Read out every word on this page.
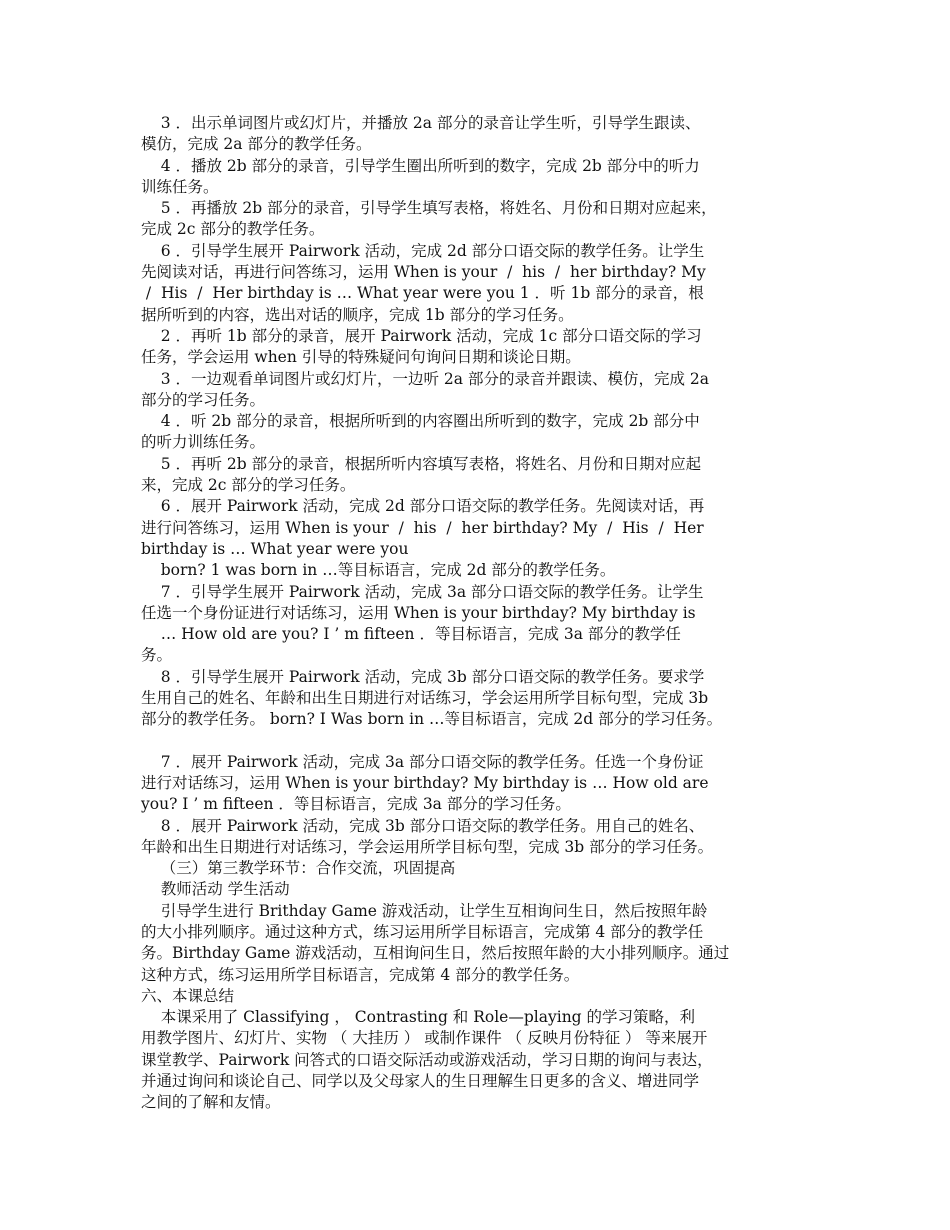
3 ．出示单词图片或幻灯片，并播放 2a 部分的录音让学生听，引导学生跟读、
模仿，完成 2a 部分的教学任务。
4 ．播放 2b 部分的录音，引导学生圈出所听到的数字，完成 2b 部分中的听力
训练任务。
5 ．再播放 2b 部分的录音，引导学生填写表格，将姓名、月份和日期对应起来，
完成 2c 部分的教学任务。
6 ．引导学生展开 Pairwork 活动，完成 2d 部分口语交际的教学任务。让学生
先阅读对话，再进行问答练习，运用 When is your  /  his  /  her birthday? My
/  His  /  Her birthday is … What year were you 1 ．听 1b 部分的录音，根
据所听到的内容，选出对话的顺序，完成 1b 部分的学习任务。
2 ．再听 1b 部分的录音，展开 Pairwork 活动，完成 1c 部分口语交际的学习
任务，学会运用 when 引导的特殊疑问句询问日期和谈论日期。
3 ．一边观看单词图片或幻灯片，一边听 2a 部分的录音并跟读、模仿，完成 2a
部分的学习任务。
4 ．听 2b 部分的录音，根据所听到的内容圈出所听到的数字，完成 2b 部分中
的听力训练任务。
5 ．再听 2b 部分的录音，根据所听内容填写表格，将姓名、月份和日期对应起
来，完成 2c 部分的学习任务。
6 ．展开 Pairwork 活动，完成 2d 部分口语交际的教学任务。先阅读对话，再
进行问答练习，运用 When is your  /  his  /  her birthday? My  /  His  /  Her
birthday is … What year were you
born? 1 was born in …等目标语言，完成 2d 部分的教学任务。
7 ．引导学生展开 Pairwork 活动，完成 3a 部分口语交际的教学任务。让学生
任选一个身份证进行对话练习，运用 When is your birthday? My birthday is
… How old are you? I ’ m fifteen ．等目标语言，完成 3a 部分的教学任
务。
8 ．引导学生展开 Pairwork 活动，完成 3b 部分口语交际的教学任务。要求学
生用自己的姓名、年龄和出生日期进行对话练习，学会运用所学目标句型，完成 3b
部分的教学任务。 born? I Was born in …等目标语言，完成 2d 部分的学习任务。
7 ．展开 Pairwork 活动，完成 3a 部分口语交际的教学任务。任选一个身份证
进行对话练习，运用 When is your birthday? My birthday is … How old are
you? I ’ m fifteen ．等目标语言，完成 3a 部分的学习任务。
8 ．展开 Pairwork 活动，完成 3b 部分口语交际的教学任务。用自己的姓名、
年龄和出生日期进行对话练习，学会运用所学目标句型，完成 3b 部分的学习任务。
（三）第三教学环节：合作交流，巩固提高
教师活动 学生活动
引导学生进行 Brithday Game 游戏活动，让学生互相询问生日，然后按照年龄
的大小排列顺序。通过这种方式，练习运用所学目标语言，完成第 4 部分的教学任
务。Birthday Game 游戏活动，互相询问生日，然后按照年龄的大小排列顺序。通过
这种方式，练习运用所学目标语言，完成第 4 部分的教学任务。
六、本课总结
本课采用了 Classifying ， Contrasting 和 Role—playing 的学习策略，利
用教学图片、幻灯片、实物 （ 大挂历 ） 或制作课件 （ 反映月份特征 ） 等来展开
课堂教学、Pairwork 问答式的口语交际活动或游戏活动，学习日期的询问与表达，
并通过询问和谈论自己、同学以及父母家人的生日理解生日更多的含义、增进同学
之间的了解和友情。
